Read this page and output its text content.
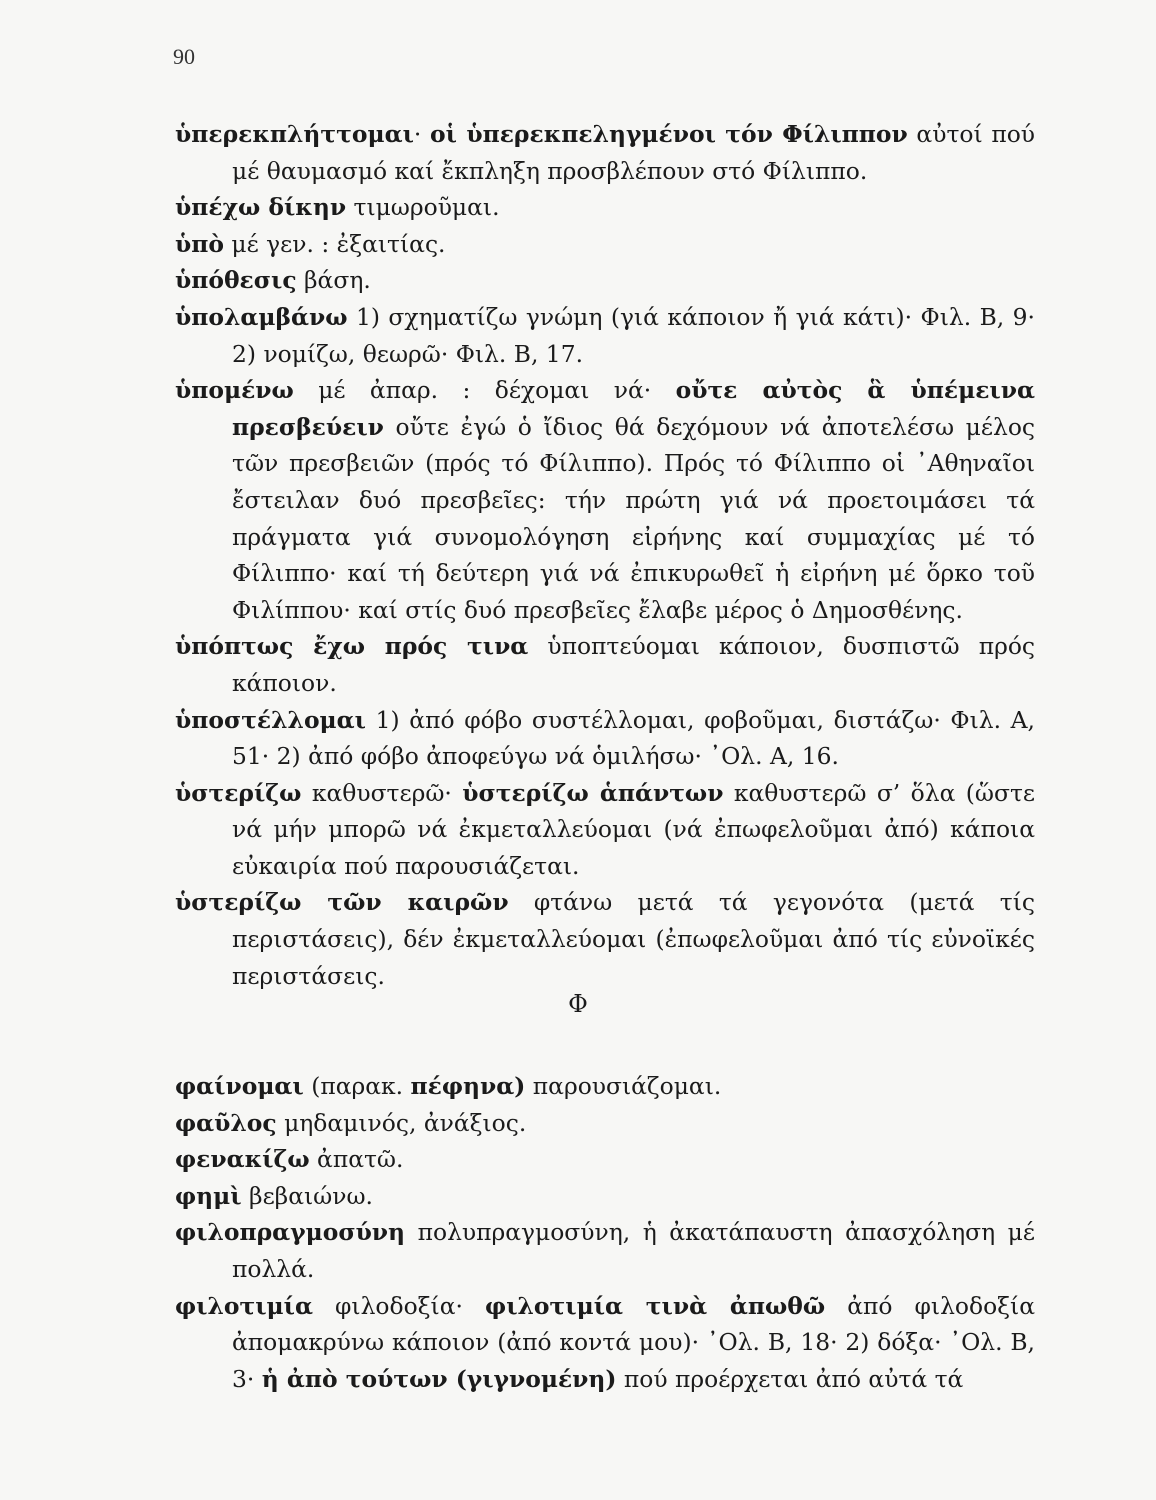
90

ὑπερεκπλήττομαι· οἱ ὑπερεκπεληγμένοι τόν Φίλιππον αὐτοί πού μέ θαυμασμό καί ἔκπληξη προσβλέπουν στό Φίλιππο.

ὑπέχω δίκην τιμωροῦμαι.

ὑπὸ μέ γεν. : ἐξαιτίας.

ὑπόθεσις βάση.

ὑπολαμβάνω 1) σχηματίζω γνώμη (γιά κάποιον ἤ γιά κάτι)· Φιλ. Β, 9· 2) νομίζω, θεωρῶ· Φιλ. Β, 17.

ὑπομένω μέ ἀπαρ. : δέχομαι νά· οὔτε αὐτὸς ἃ ὑπέμεινα πρεσβεύειν οὔτε ἐγώ ὁ ἴδιος θά δεχόμουν νά ἀποτελέσω μέλος τῶν πρεσβειῶν (πρός τό Φίλιππο). Πρός τό Φίλιππο οἱ ᾿Αθηναῖοι ἔστειλαν δυό πρεσβεῖες: τήν πρώτη γιά νά προετοιμάσει τά πράγματα γιά συνομολόγηση εἰρήνης καί συμμαχίας μέ τό Φίλιππο· καί τή δεύτερη γιά νά ἐπικυρωθεῖ ἡ εἰρήνη μέ ὅρκο τοῦ Φιλίππου· καί στίς δυό πρεσβεῖες ἔλαβε μέρος ὁ Δημοσθένης.

ὑπόπτως ἔχω πρός τινα ὑποπτεύομαι κάποιον, δυσπιστῶ πρός κάποιον.

ὑποστέλλομαι 1) ἀπό φόβο συστέλλομαι, φοβοῦμαι, διστάζω· Φιλ. Α, 51· 2) ἀπό φόβο ἀποφεύγω νά ὁμιλήσω· ᾿Ολ. Α, 16.

ὑστερίζω καθυστερῶ· ὑστερίζω ἁπάντων καθυστερῶ σ’ ὅλα (ὥστε νά μήν μπορῶ νά ἐκμεταλλεύομαι (νά ἐπωφελοῦμαι ἀπό) κάποια εὐκαιρία πού παρουσιάζεται.

ὑστερίζω τῶν καιρῶν φτάνω μετά τά γεγονότα (μετά τίς περιστάσεις), δέν ἐκμεταλλεύομαι (ἐπωφελοῦμαι ἀπό τίς εὐνοϊκές περιστάσεις.

Φ

φαίνομαι (παρακ. πέφηνα) παρουσιάζομαι.

φαῦλος μηδαμινός, ἀνάξιος.

φενακίζω ἀπατῶ.

φημὶ βεβαιώνω.

φιλοπραγμοσύνη πολυπραγμοσύνη, ἡ ἀκατάπαυστη ἀπασχόληση μέ πολλά.

φιλοτιμία φιλοδοξία· φιλοτιμία τινὰ ἀπωθῶ ἀπό φιλοδοξία ἀπομακρύνω κάποιον (ἀπό κοντά μου)· ᾿Ολ. Β, 18· 2) δόξα· ᾿Ολ. Β, 3· ἡ ἀπὸ τούτων (γιγνομένη) πού προέρχεται ἀπό αὐτά τά
